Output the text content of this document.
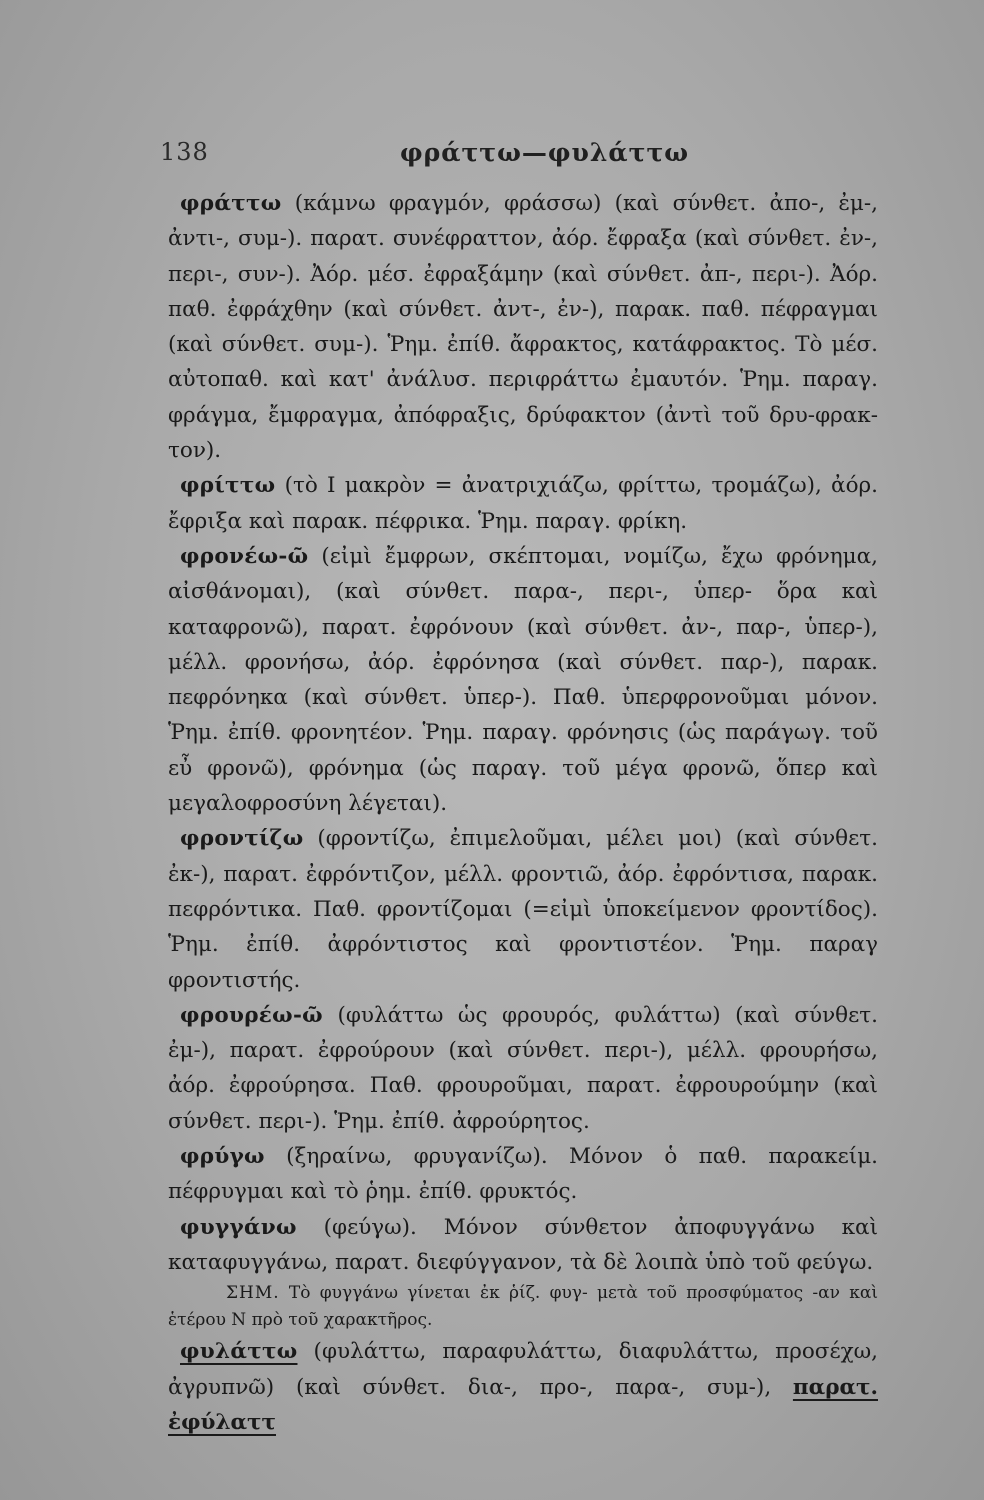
138	φράττω—φυλάττω

φράττω (κάμνω φραγμόν, φράσσω) (καὶ σύνθετ. ἀπο-, ἐμ-, ἀντι-, συμ-). παρατ. συνέφραττον, ἀόρ. ἔφραξα (καὶ σύνθετ. ἐν-, περι-, συν-). Ἀόρ. μέσ. ἐφραξάμην (καὶ σύνθετ. ἀπ-, περι-). Ἀόρ. παθ. ἐφράχθην (καὶ σύνθετ. ἀντ-, ἐν-), παρακ. παθ. πέφραγμαι (καὶ σύνθετ. συμ-). Ῥημ. ἐπίθ. ἄφρακτος, κατάφρακτος. Τὸ μέσ. αὐτοπαθ. καὶ κατ' ἀνάλυσ. περιφράττω ἐμαυτόν. Ῥημ. παραγ. φράγμα, ἔμφραγμα, ἀπόφραξις, δρύφακτον (ἀντὶ τοῦ δρυ-φρακ-τον).

φρίττω (τὸ Ι μακρὸν = ἀνατριχιάζω, φρίττω, τρομάζω), ἀόρ. ἔφριξα καὶ παρακ. πέφρικα. Ῥημ. παραγ. φρίκη.

φρονέω-ῶ (εἰμὶ ἔμφρων, σκέπτομαι, νομίζω, ἔχω φρόνημα, αἰσθάνομαι), (καὶ σύνθετ. παρα-, περι-, ὑπερ- ὅρα καὶ καταφρονῶ), παρατ. ἐφρόνουν (καὶ σύνθετ. ἀν-, παρ-, ὑπερ-), μέλλ. φρονήσω, ἀόρ. ἐφρόνησα (καὶ σύνθετ. παρ-), παρακ. πεφρόνηκα (καὶ σύνθετ. ὑπερ-). Παθ. ὑπερφρονοῦμαι μόνον. Ῥημ. ἐπίθ. φρονητέον. Ῥημ. παραγ. φρόνησις (ὡς παράγωγ. τοῦ εὖ φρονῶ), φρόνημα (ὡς παραγ. τοῦ μέγα φρονῶ, ὅπερ καὶ μεγαλοφροσύνη λέγεται).

φροντίζω (φροντίζω, ἐπιμελοῦμαι, μέλει μοι) (καὶ σύνθετ. ἐκ-), παρατ. ἐφρόντιζον, μέλλ. φροντιῶ, ἀόρ. ἐφρόντισα, παρακ. πεφρόντικα. Παθ. φροντίζομαι (=εἰμὶ ὑποκείμενον φροντίδος). Ῥημ. ἐπίθ. ἀφρόντιστος καὶ φροντιστέον. Ῥημ. παραγ φροντιστής.

φρουρέω-ῶ (φυλάττω ὡς φρουρός, φυλάττω) (καὶ σύνθετ. ἐμ-), παρατ. ἐφρούρουν (καὶ σύνθετ. περι-), μέλλ. φρουρήσω, ἀόρ. ἐφρούρησα. Παθ. φρουροῦμαι, παρατ. ἐφρουρούμην (καὶ σύνθετ. περι-). Ῥημ. ἐπίθ. ἀφρούρητος.

φρύγω (ξηραίνω, φρυγανίζω). Μόνον ὁ παθ. παρακείμ. πέφρυγμαι καὶ τὸ ῥημ. ἐπίθ. φρυκτός.

φυγγάνω (φεύγω). Μόνον σύνθετον ἀποφυγγάνω καὶ καταφυγγάνω, παρατ. διεφύγγανον, τὰ δὲ λοιπὰ ὑπὸ τοῦ φεύγω.

ΣΗΜ. Τὸ φυγγάνω γίνεται ἐκ ῥίζ. φυγ- μετὰ τοῦ προσφύματος -αν καὶ ἑτέρου Ν πρὸ τοῦ χαρακτῆρος.

φυλάττω (φυλάττω, παραφυλάττω, διαφυλάττω, προσέχω, ἀγρυπνῶ) (καὶ σύνθετ. δια-, προ-, παρα-, συμ-), παρατ. ἐφύλαττ
